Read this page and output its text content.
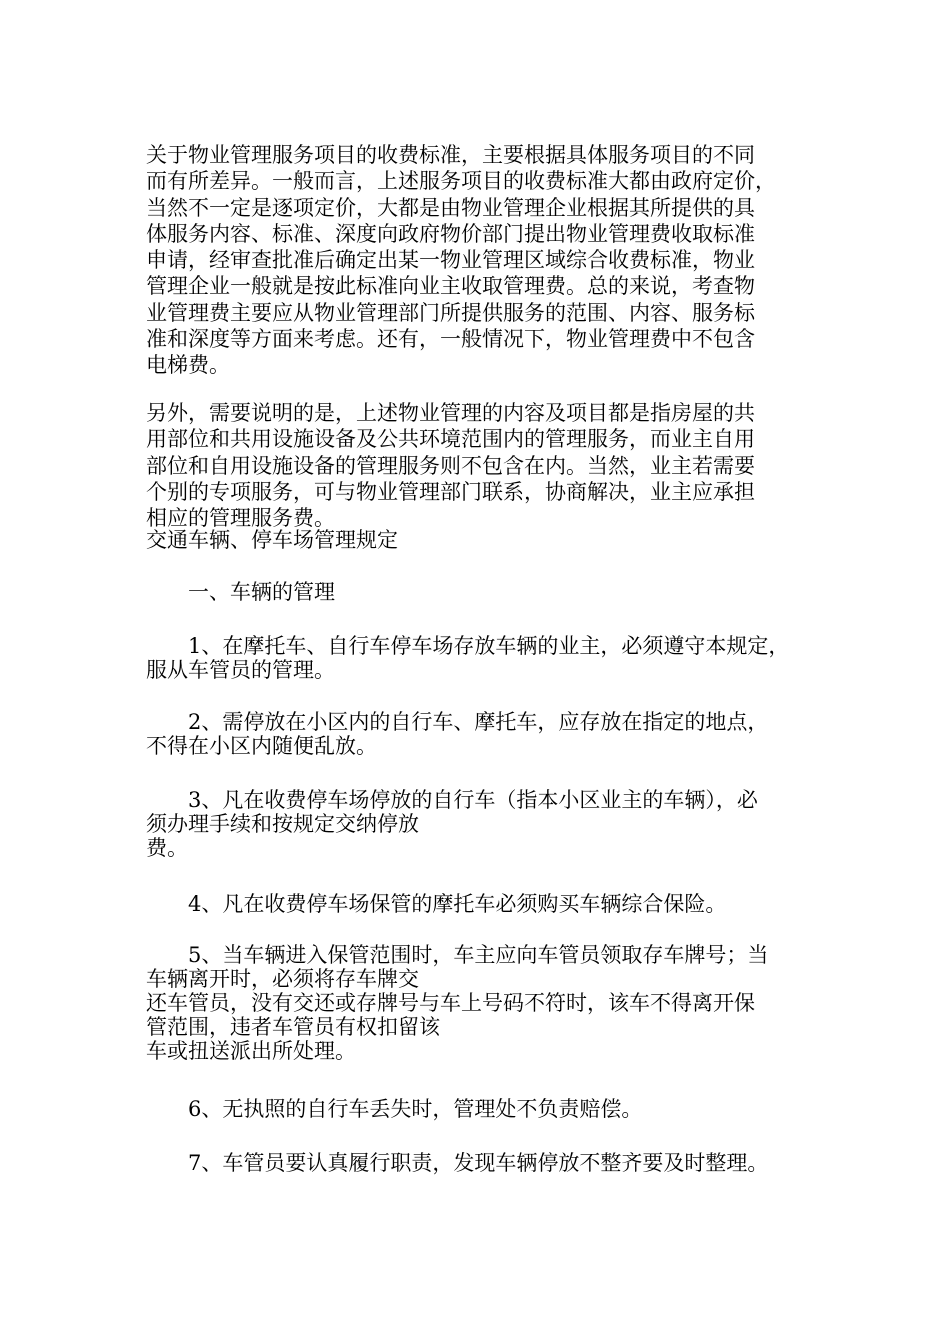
关于物业管理服务项目的收费标准，主要根据具体服务项目的不同
而有所差异。一般而言，上述服务项目的收费标准大都由政府定价，
当然不一定是逐项定价，大都是由物业管理企业根据其所提供的具
体服务内容、标准、深度向政府物价部门提出物业管理费收取标准
申请，经审查批准后确定出某一物业管理区域综合收费标准，物业
管理企业一般就是按此标准向业主收取管理费。总的来说，考查物
业管理费主要应从物业管理部门所提供服务的范围、内容、服务标
准和深度等方面来考虑。还有，一般情况下，物业管理费中不包含
电梯费。
另外，需要说明的是，上述物业管理的内容及项目都是指房屋的共
用部位和共用设施设备及公共环境范围内的管理服务，而业主自用
部位和自用设施设备的管理服务则不包含在内。当然，业主若需要
个别的专项服务，可与物业管理部门联系，协商解决，业主应承担
相应的管理服务费。
交通车辆、停车场管理规定
　　一、车辆的管理
　　1、在摩托车、自行车停车场存放车辆的业主，必须遵守本规定，
服从车管员的管理。
　　2、需停放在小区内的自行车、摩托车，应存放在指定的地点，
不得在小区内随便乱放。
　　3、凡在收费停车场停放的自行车（指本小区业主的车辆），必
须办理手续和按规定交纳停放
费。
　　4、凡在收费停车场保管的摩托车必须购买车辆综合保险。
　　5、当车辆进入保管范围时，车主应向车管员领取存车牌号；当
车辆离开时，必须将存车牌交
还车管员，没有交还或存牌号与车上号码不符时，该车不得离开保
管范围，违者车管员有权扣留该
车或扭送派出所处理。
　　6、无执照的自行车丢失时，管理处不负责赔偿。
　　7、车管员要认真履行职责，发现车辆停放不整齐要及时整理。
